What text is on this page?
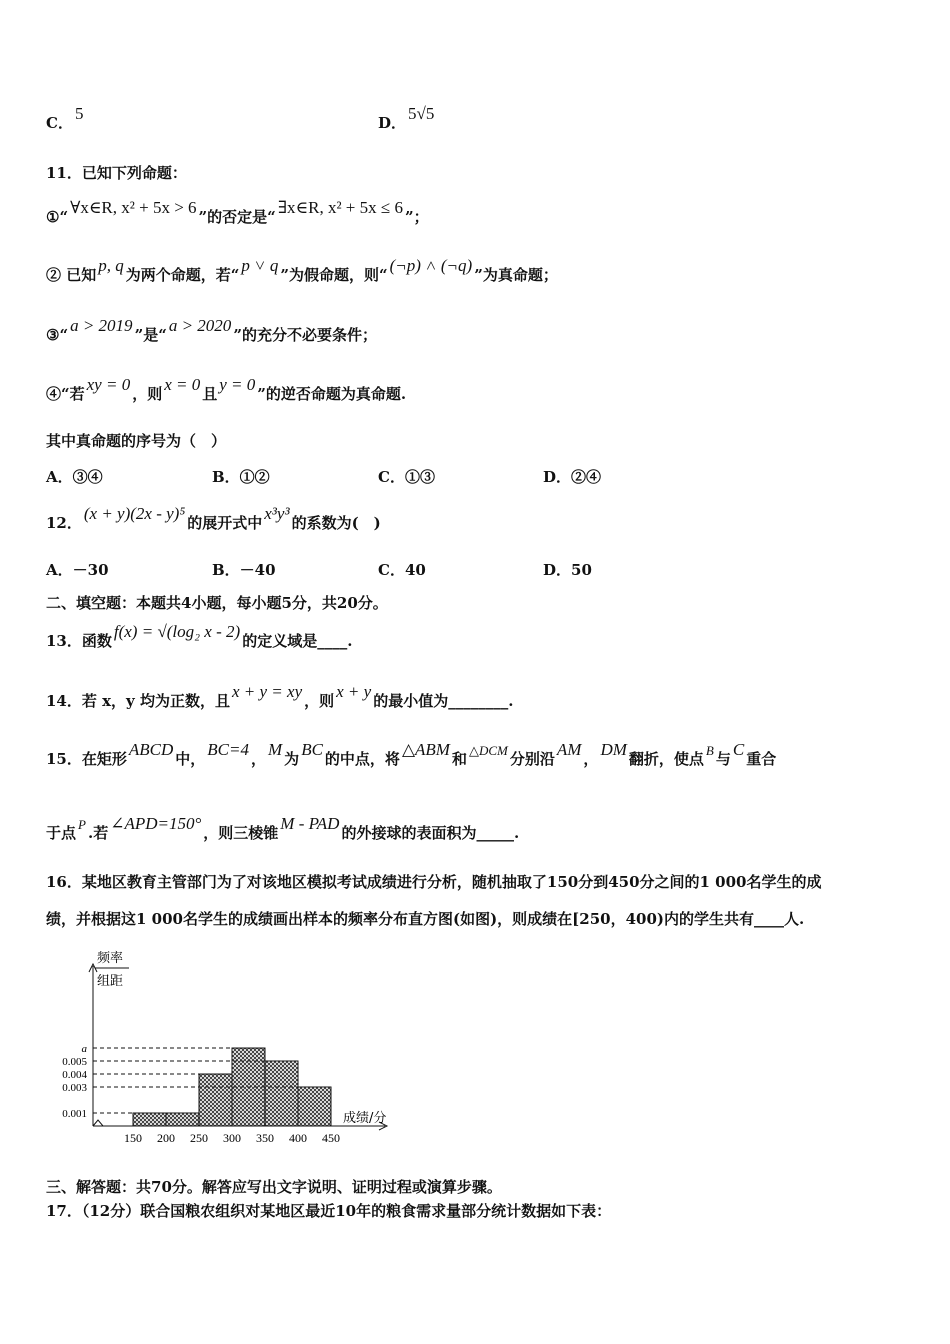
C． 5	D． 5√5
11．已知下列命题：
①“ ∀x∈R, x² + 5x > 6 ”的否定是“ ∃x∈R, x² + 5x ≤ 6 ”；
② 已知 p, q 为两个命题，若“ p ˅ q ”为假命题，则“ (¬p) ˄ (¬q) ”为真命题；
③“ a > 2019 ”是“ a > 2020 ”的充分不必要条件；
④“若 xy = 0 ，则 x = 0 且 y = 0 ”的逆否命题为真命题.
其中真命题的序号为（　）
A．③④	B．①②	C．①③	D．②④
12． (x + y)(2x - y)⁵ 的展开式中 x³y³ 的系数为(　)
A．－30	B．－40	C．40	D．50
二、填空题：本题共4小题，每小题5分，共20分。
13．函数 f(x) = √(log₂ x - 2) 的定义域是____.
14．若 x，y 均为正数，且 x + y = xy ，则 x + y 的最小值为________.
15．在矩形 ABCD 中， BC=4 ， M 为 BC 的中点，将 △ABM 和 △DCM 分别沿 AM ， DM 翻折，使点 B 与 C 重合
于点 P .若 ∠APD=150° ，则三棱锥 M - PAD 的外接球的表面积为_____.
16．某地区教育主管部门为了对该地区模拟考试成绩进行分析，随机抽取了150分到450分之间的1 000名学生的成
绩，并根据这1 000名学生的成绩画出样本的频率分布直方图(如图)，则成绩在[250，400)内的学生共有____人.
a
0.005
0.004
0.003
0.001
150 200 250 300 350 400 450
频率
组距
成绩/分
三、解答题：共70分。解答应写出文字说明、证明过程或演算步骤。
17．（12分）联合国粮农组织对某地区最近10年的粮食需求量部分统计数据如下表：
